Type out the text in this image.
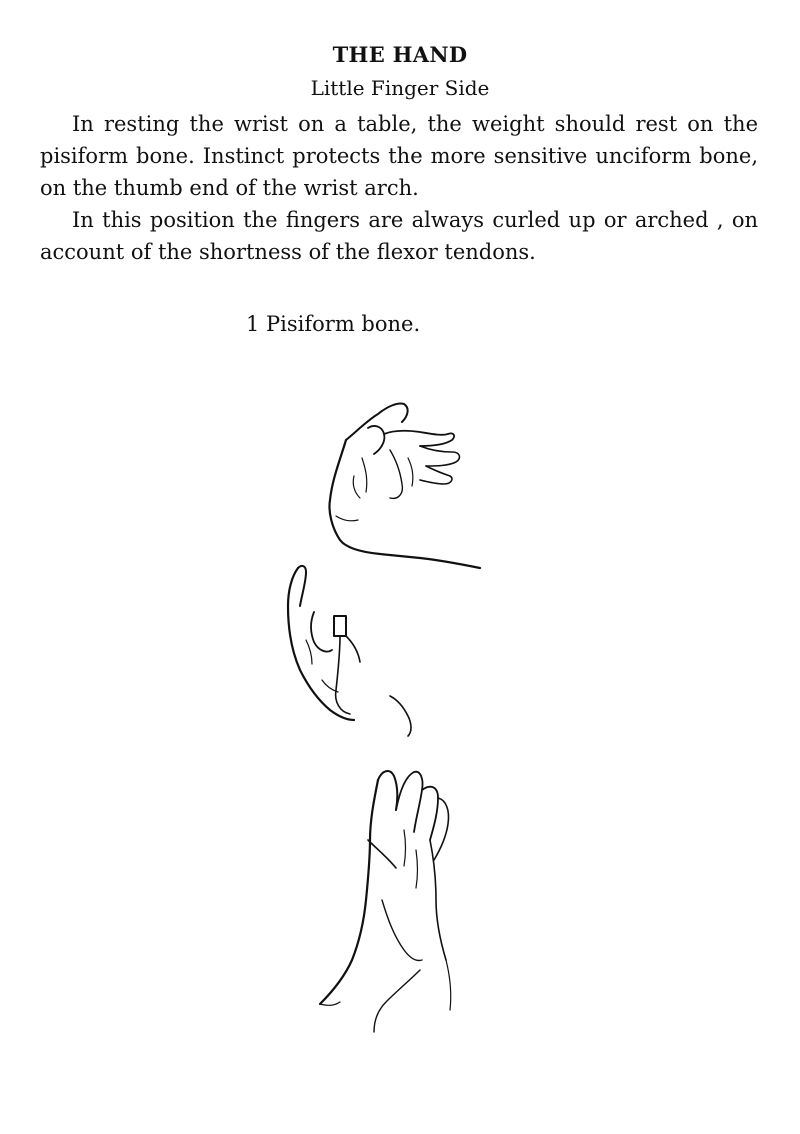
THE HAND
Little Finger Side

In resting the wrist on a table, the weight should rest on the pisiform bone. Instinct protects the more sensitive unciform bone, on the thumb end of the wrist arch.

In this position the fingers are always curled up or arched , on account of the shortness of the flexor tendons.

1 Pisiform bone.
